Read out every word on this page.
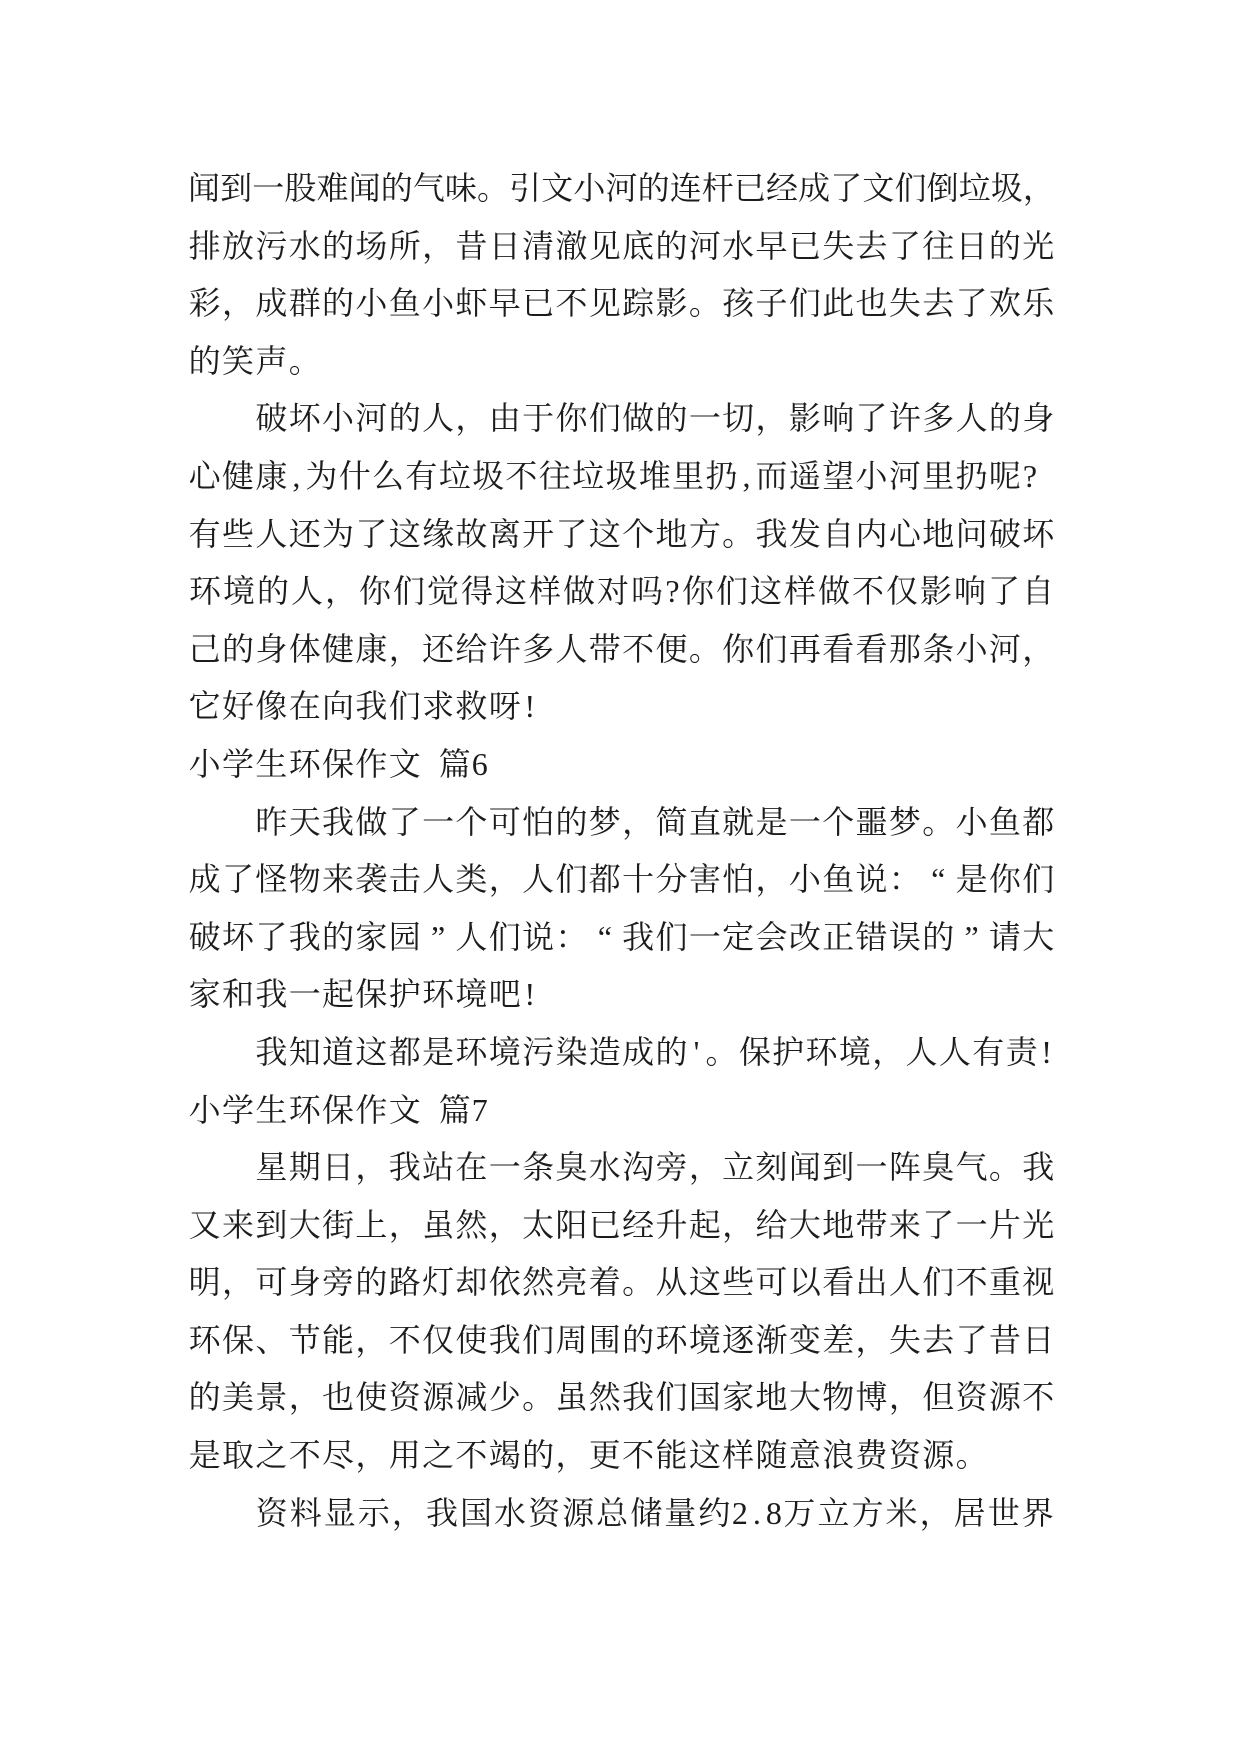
闻到一股难闻的气味。引文小河的连杆已经成了文们倒垃圾，
排放污水的场所，昔日清澈见底的河水早已失去了往日的光
彩，成群的小鱼小虾早已不见踪影。孩子们此也失去了欢乐
的笑声。
破坏小河的人，由于你们做的一切，影响了许多人的身
心健康 , 为什么有垃圾不往垃圾堆里扔 , 而遥望小河里扔呢?
有些人还为了这缘故离开了这个地方。我发自内心地问破坏
环境的人，你们觉得这样做对吗?你们这样做不仅影响了自
己的身体健康，还给许多人带不便。你们再看看那条小河，
它好像在向我们求救呀 !
小学生环保作文 篇6
昨天我做了一个可怕的梦，简直就是一个噩梦。小鱼都
成了怪物来袭击人类，人们都十分害怕，小鱼说： “ 是你们
破坏了我的家园 ” 人们说： “ 我们一定会改正错误的 ” 请大
家和我一起保护环境吧 !
我知道这都是环境污染造成的 ' 。保护环境，人人有责 !
小学生环保作文 篇7
星期日，我站在一条臭水沟旁，立刻闻到一阵臭气。我
又来到大街上，虽然，太阳已经升起，给大地带来了一片光
明，可身旁的路灯却依然亮着。从这些可以看出人们不重视
环保、节能，不仅使我们周围的环境逐渐变差，失去了昔日
的美景，也使资源减少。虽然我们国家地大物博，但资源不
是取之不尽，用之不竭的，更不能这样随意浪费资源。
资料显示，我国水资源总储量约2 . 8万立方米，居世界
